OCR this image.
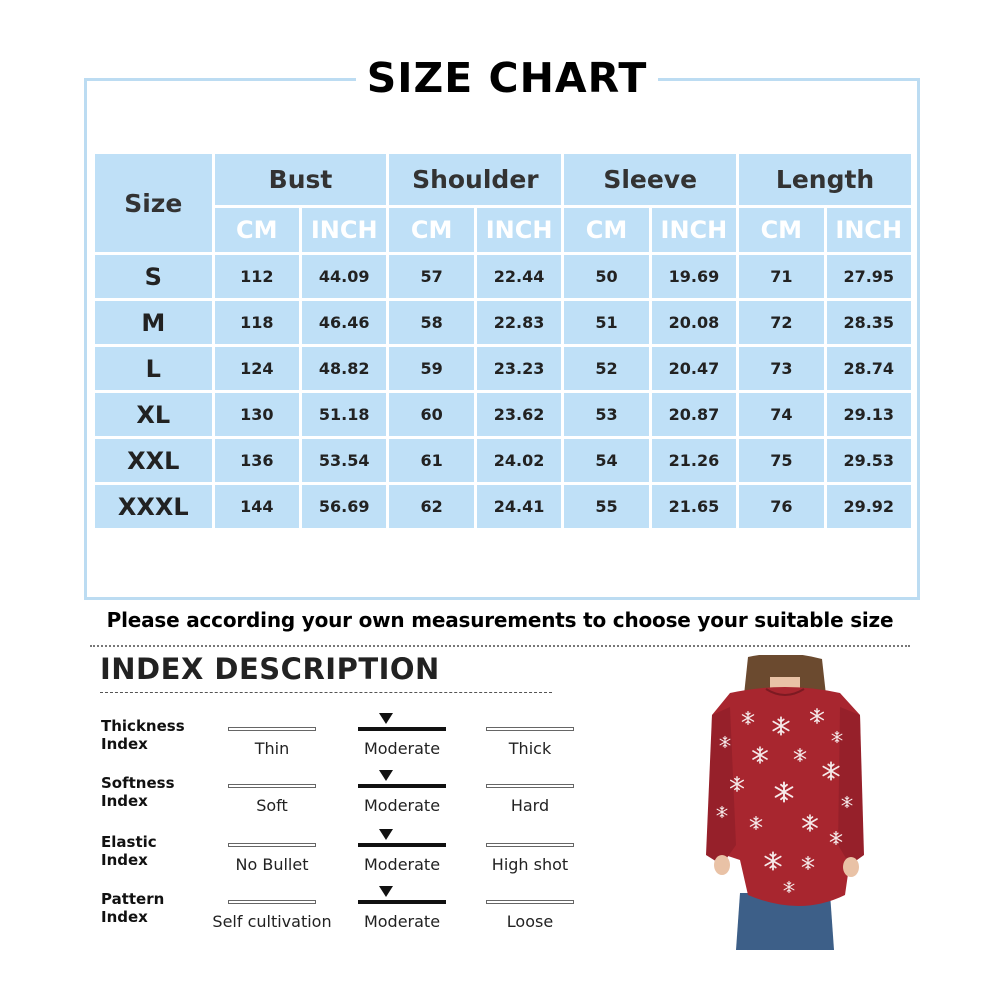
SIZE CHART
Size	Bust		Shoulder		Sleeve		Length	
	CM	INCH	CM	INCH	CM	INCH	CM	INCH
S	112	44.09	57	22.44	50	19.69	71	27.95
M	118	46.46	58	22.83	51	20.08	72	28.35
L	124	48.82	59	23.23	52	20.47	73	28.74
XL	130	51.18	60	23.62	53	20.87	74	29.13
XXL	136	53.54	61	24.02	54	21.26	75	29.53
XXXL	144	56.69	62	24.41	55	21.65	76	29.92
Please according your own measurements to choose your suitable size
INDEX DESCRIPTION
Thickness Index	Thin	Moderate	Thick
Softness Index	Soft	Moderate	Hard
Elastic Index	No Bullet	Moderate	High shot
Pattern Index	Self cultivation	Moderate	Loose
